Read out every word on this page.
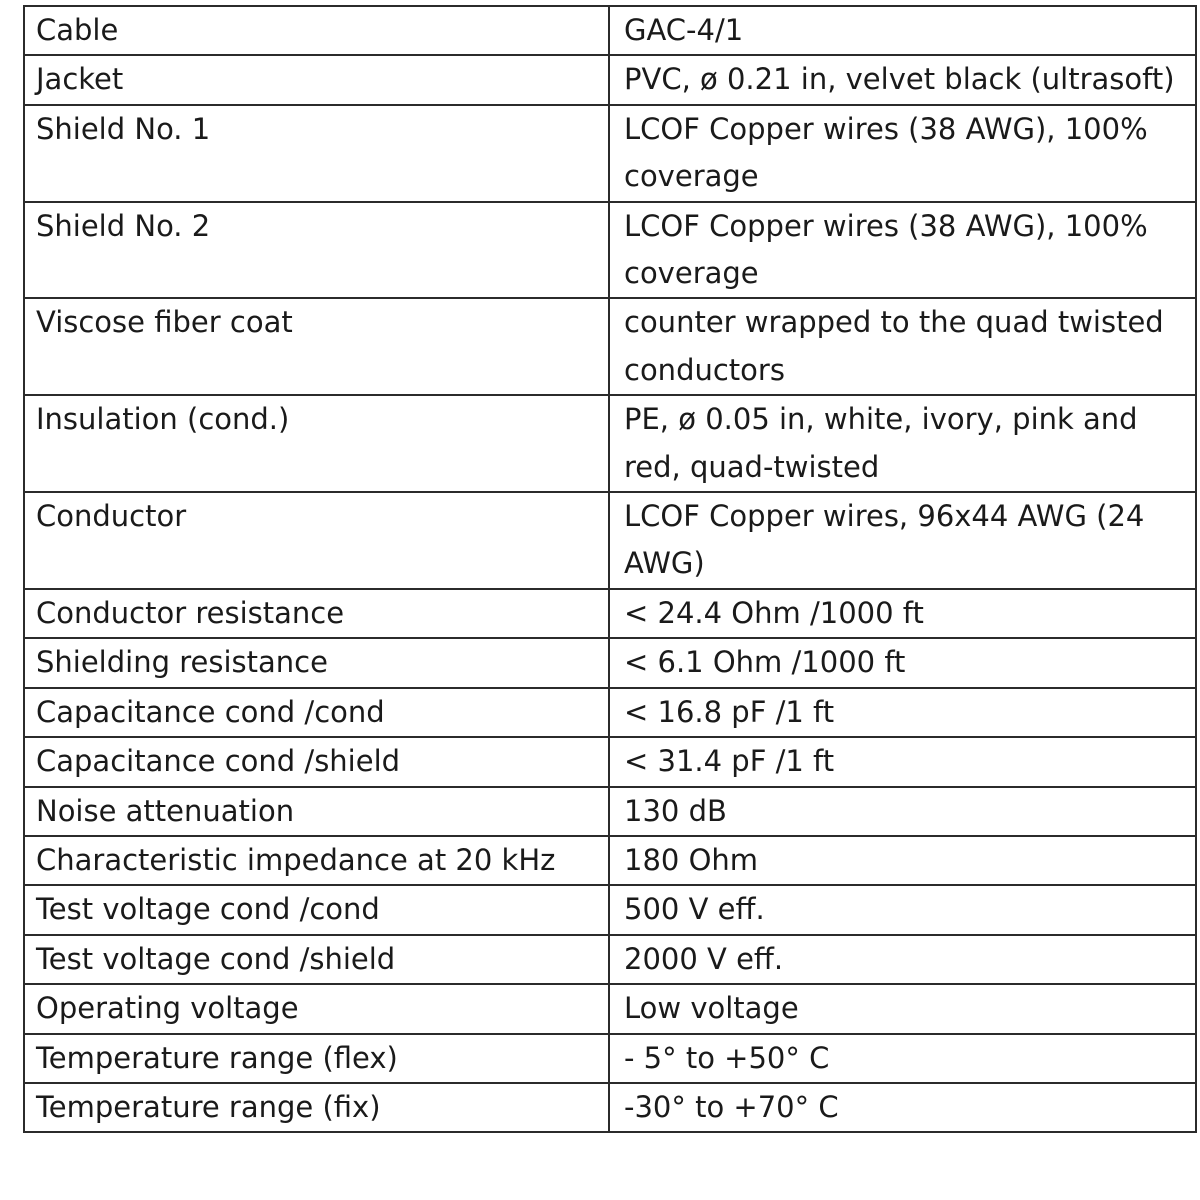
Cable	GAC-4/1
Jacket	PVC, ø 0.21 in, velvet black (ultrasoft)
Shield No. 1	LCOF Copper wires (38 AWG), 100% coverage
Shield No. 2	LCOF Copper wires (38 AWG), 100% coverage
Viscose fiber coat	counter wrapped to the quad twisted conductors
Insulation (cond.)	PE, ø 0.05 in, white, ivory, pink and red, quad-twisted
Conductor	LCOF Copper wires, 96x44 AWG (24 AWG)
Conductor resistance	< 24.4 Ohm /1000 ft
Shielding resistance	< 6.1 Ohm /1000 ft
Capacitance cond /cond	< 16.8 pF /1 ft
Capacitance cond /shield	< 31.4 pF /1 ft
Noise attenuation	130 dB
Characteristic impedance at 20 kHz	180 Ohm
Test voltage cond /cond	500 V eff.
Test voltage cond /shield	2000 V eff.
Operating voltage	Low voltage
Temperature range (flex)	- 5° to +50° C
Temperature range (fix)	-30° to +70° C
